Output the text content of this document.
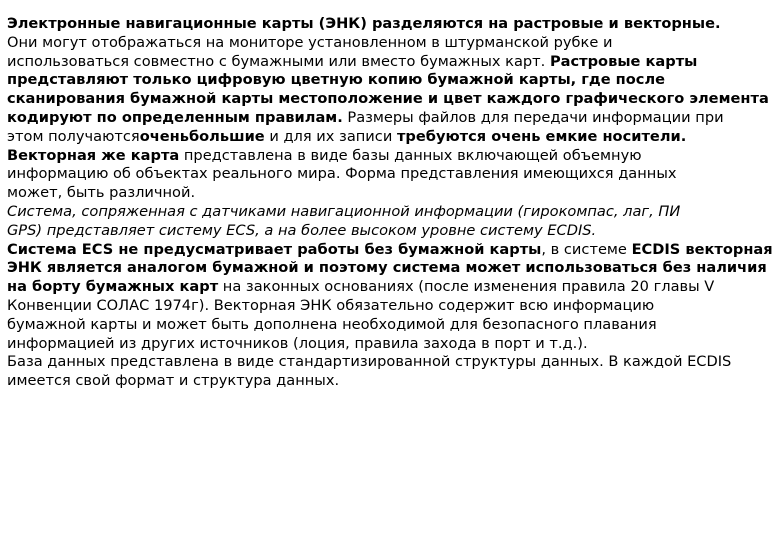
Электронные навигационные карты (ЭНК) разделяются на растровые и векторные.
Они могут отображаться на мониторе установленном в штурманской рубке и
использоваться совместно с бумажными или вместо бумажных карт. Растровые карты
представляют только цифровую цветную копию бумажной карты, где после
сканирования бумажной карты местоположение и цвет каждого графического элемента
кодируют по определенным правилам. Размеры файлов для передачи информации при
этом получаютсяоченьбольшие и для их записи требуются очень емкие носители.
Векторная же карта представлена в виде базы данных включающей объемную
информацию об объектах реального мира. Форма представления имеющихся данных
может, быть различной.
Система, сопряженная с датчиками навигационной информации (гирокомпас, лаг, ПИ
GPS) представляет систему ECS, а на более высоком уровне систему ECDIS.
Система ECS не предусматривает работы без бумажной карты, в системе ECDIS векторная
ЭНК является аналогом бумажной и поэтому система может использоваться без наличия
на борту бумажных карт на законных основаниях (после изменения правила 20 главы V
Конвенции СОЛАС 1974г). Векторная ЭНК обязательно содержит всю информацию
бумажной карты и может быть дополнена необходимой для безопасного плавания
информацией из других источников (лоция, правила захода в порт и т.д.).
База данных представлена в виде стандартизированной структуры данных. В каждой ECDIS
имеется свой формат и структура данных.
